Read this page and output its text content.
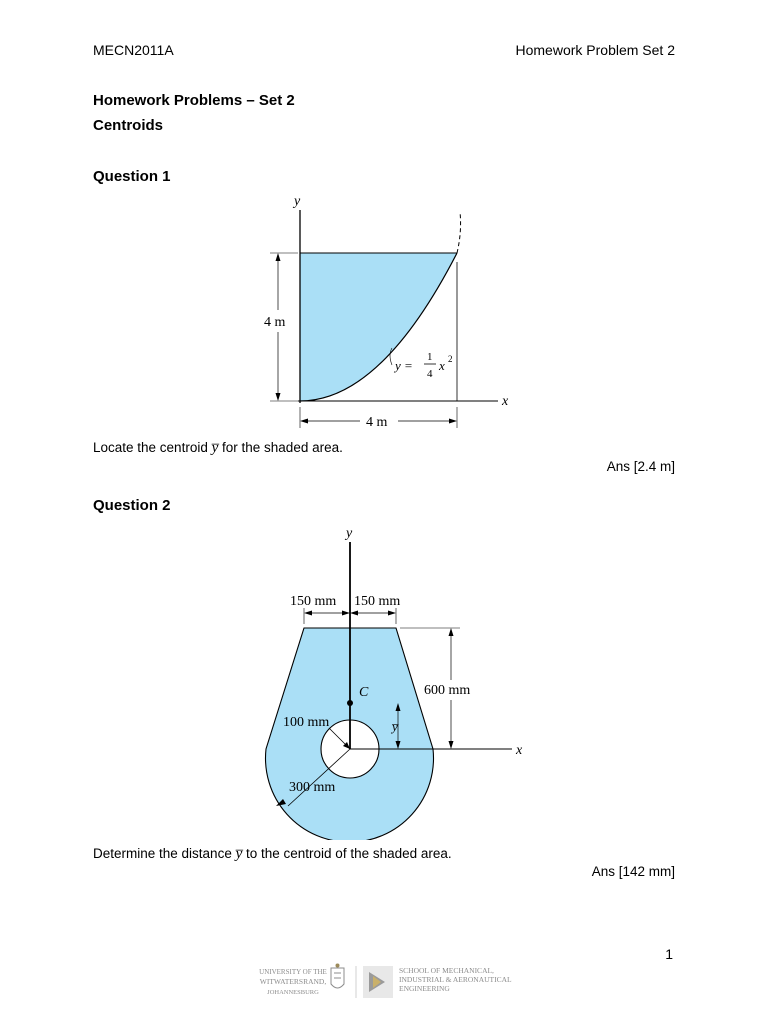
MECN2011A	Homework Problem Set 2
Homework Problems – Set 2
Centroids
Question 1
y
x
4 m
4 m
y =
1
4
x 2
Locate the centroid y̅ for the shaded area.
Ans [2.4 m]
Question 2
y
x
150 mm 150 mm
600 mm
C
y̅
100 mm
300 mm
Determine the distance y̅ to the centroid of the shaded area.
Ans [142 mm]
1
UNIVERSITY OF THE
WITWATERSRAND,
JOHANNESBURG
SCHOOL OF MECHANICAL,
INDUSTRIAL & AERONAUTICAL
ENGINEERING
